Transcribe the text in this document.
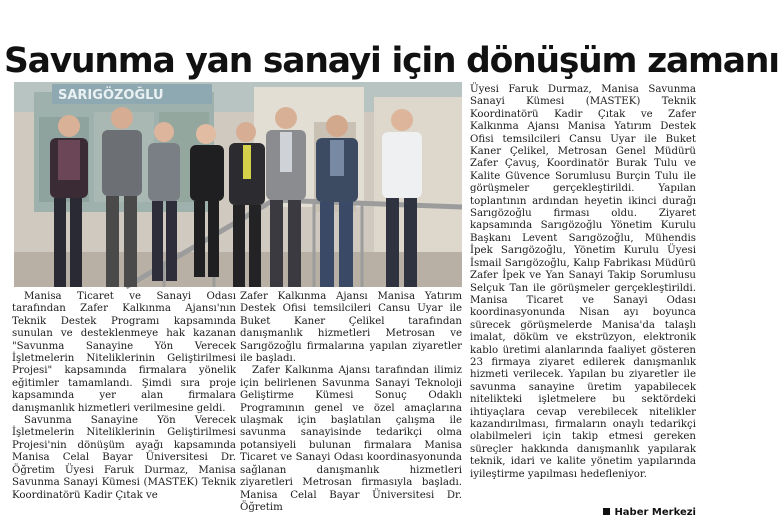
Savunma yan sanayi için dönüşüm zamanı
SARIGÖZOĞLU

Manisa Ticaret ve Sanayi Odası tarafından Zafer Kalkınma Ajansı'nın Teknik Destek Programı kapsamında sunulan ve desteklenmeye hak kazanan "Savunma Sanayine Yön Verecek İşletmelerin Niteliklerinin Geliştirilmesi Projesi" kapsamında firmalara yönelik eğitimler tamamlandı. Şimdi sıra proje kapsamında yer alan firmalara danışmanlık hizmetleri verilmesine geldi.

Savunma Sanayine Yön Verecek İşletmelerin Niteliklerinin Geliştirilmesi Projesi'nin dönüşüm ayağı kapsamında Manisa Celal Bayar Üniversitesi Dr. Öğretim Üyesi Faruk Durmaz, Manisa Savunma Sanayi Kümesi (MASTEK) Teknik Koordinatörü Kadir Çıtak ve

Zafer Kalkınma Ajansı Manisa Yatırım Destek Ofisi temsilcileri Cansu Uyar ile Buket Kaner Çelikel tarafından danışmanlık hizmetleri Metrosan ve Sarıgözoğlu firmalarına yapılan ziyaretler ile başladı.

Zafer Kalkınma Ajansı tarafından ilimiz için belirlenen Savunma Sanayi Teknoloji Geliştirme Kümesi Sonuç Odaklı Programının genel ve özel amaçlarına ulaşmak için başlatılan çalışma ile savunma sanayisinde tedarikçi olma potansiyeli bulunan firmalara Manisa Ticaret ve Sanayi Odası koordinasyonunda sağlanan danışmanlık hizmetleri ziyaretleri Metrosan firmasıyla başladı. Manisa Celal Bayar Üniversitesi Dr. Öğretim

Üyesi Faruk Durmaz, Manisa Savunma Sanayi Kümesi (MASTEK) Teknik Koordinatörü Kadir Çıtak ve Zafer Kalkınma Ajansı Manisa Yatırım Destek Ofisi temsilcileri Cansu Uyar ile Buket Kaner Çelikel, Metrosan Genel Müdürü Zafer Çavuş, Koordinatör Burak Tulu ve Kalite Güvence Sorumlusu Burçin Tulu ile görüşmeler gerçekleştirildi. Yapılan toplantının ardından heyetin ikinci durağı Sarıgözoğlu firması oldu. Ziyaret kapsamında Sarıgözoğlu Yönetim Kurulu Başkanı Levent Sarıgözoğlu, Mühendis İpek Sarıgözoğlu, Yönetim Kurulu Üyesi İsmail Sarıgözoğlu, Kalıp Fabrikası Müdürü Zafer İpek ve Yan Sanayi Takip Sorumlusu Selçuk Tan ile görüşmeler gerçekleştirildi. Manisa Ticaret ve Sanayi Odası koordinasyonunda Nisan ayı boyunca sürecek görüşmelerde Manisa'da talaşlı imalat, döküm ve ekstrüzyon, elektronik kablo üretimi alanlarında faaliyet gösteren 23 firmaya ziyaret edilerek danışmanlık hizmeti verilecek. Yapılan bu ziyaretler ile savunma sanayine üretim yapabilecek nitelikteki işletmelere bu sektördeki ihtiyaçlara cevap verebilecek nitelikler kazandırılması, firmaların onaylı tedarikçi olabilmeleri için takip etmesi gereken süreçler hakkında danışmanlık yapılarak teknik, idari ve kalite yönetim yapılarında iyileştirme yapılması hedefleniyor.

Haber Merkezi
